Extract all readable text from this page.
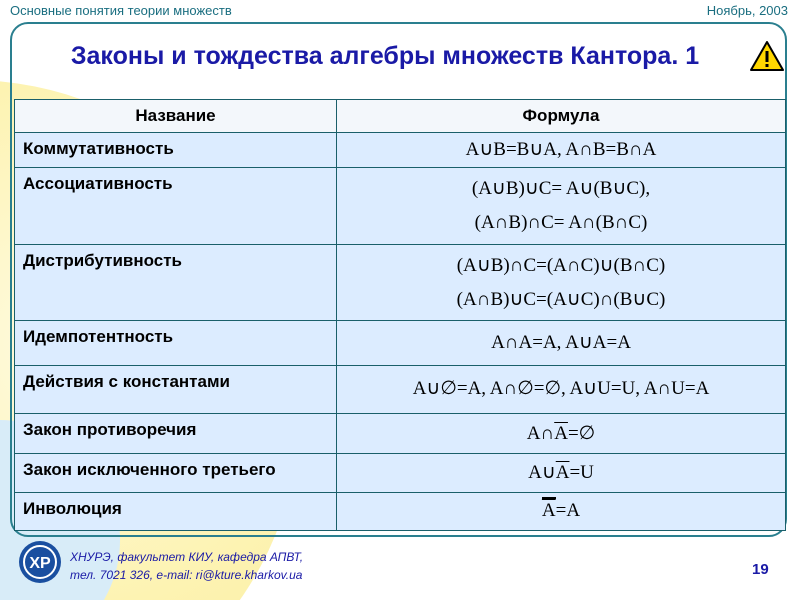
Основные понятия теории множеств	Ноябрь, 2003
Законы и тождества алгебры множеств Кантора. 1
Название	Формула
Коммутативность	A∪B=B∪A, A∩B=B∩A

Ассоциативность	(A∪B)∪C= A∪(B∪C),
(A∩B)∩C= A∩(B∩C)

Дистрибутивность	(A∪B)∩C=(A∩C)∪(B∩C)
(A∩B)∪C=(A∪C)∩(B∪C)

Идемпотентность	A∩A=A, A∪A=A

Действия с константами	A∪∅=A, A∩∅=∅, A∪U=U, A∩U=A

Закон противоречия	$A\cap\overline{A}=\emptyset$
Закон исключенного третьего	$A\cup\overline{A}=U$
Инволюция	$\overline{A}=A$
ХР ХНУРЭ, факультет КИУ, кафедра АПВТ,
тел. 7021 326, e-mail: ri@kture.kharkov.ua	19
